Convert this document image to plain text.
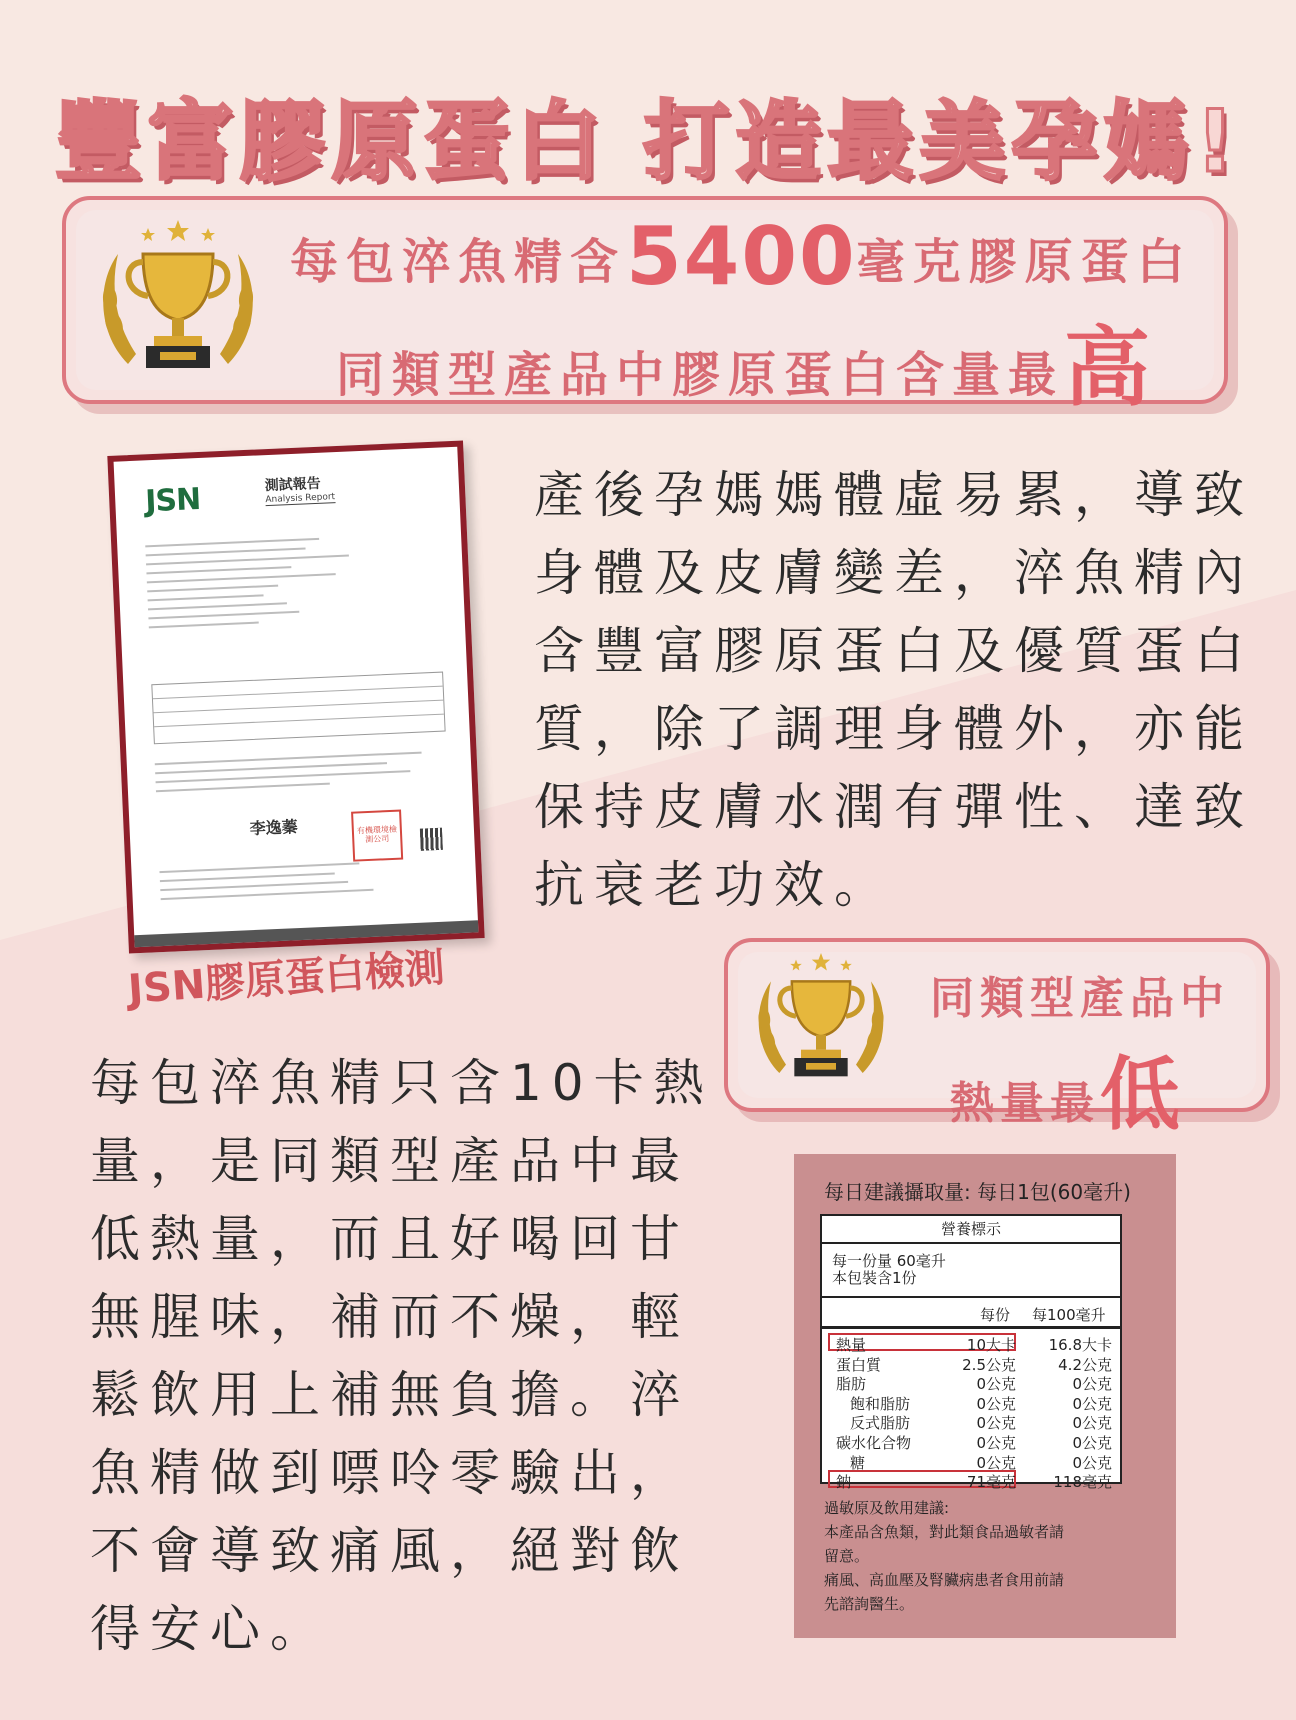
豐富膠原蛋白 打造最美孕媽!
每包淬魚精含5400毫克膠原蛋白
同類型產品中膠原蛋白含量最高
JSN	測試報告
Analysis Report
李逸蓁	有機環境檢測公司
JSN膠原蛋白檢測
產後孕媽媽體虛易累，導致
身體及皮膚變差，淬魚精內
含豐富膠原蛋白及優質蛋白
質，除了調理身體外，亦能
保持皮膚水潤有彈性、達致
抗衰老功效。
同類型產品中
熱量最低
每包淬魚精只含10卡熱
量，是同類型產品中最
低熱量，而且好喝回甘
無腥味，補而不燥，輕
鬆飲用上補無負擔。淬
魚精做到嘌呤零驗出，
不會導致痛風，絕對飲
得安心。
每日建議攝取量: 每日1包(60毫升)
營養標示
每一份量 60毫升
本包裝含1份
每份 每100毫升
熱量	10大卡 16.8大卡
蛋白質	2.5公克	4.2公克
脂肪	0公克	0公克
飽和脂肪	0公克	0公克
反式脂肪	0公克	0公克
碳水化合物	0公克	0公克
糖	0公克	0公克
鈉	71毫克 118毫克
過敏原及飲用建議:
本產品含魚類，對此類食品過敏者請
留意。
痛風、高血壓及腎臟病患者食用前請
先諮詢醫生。
